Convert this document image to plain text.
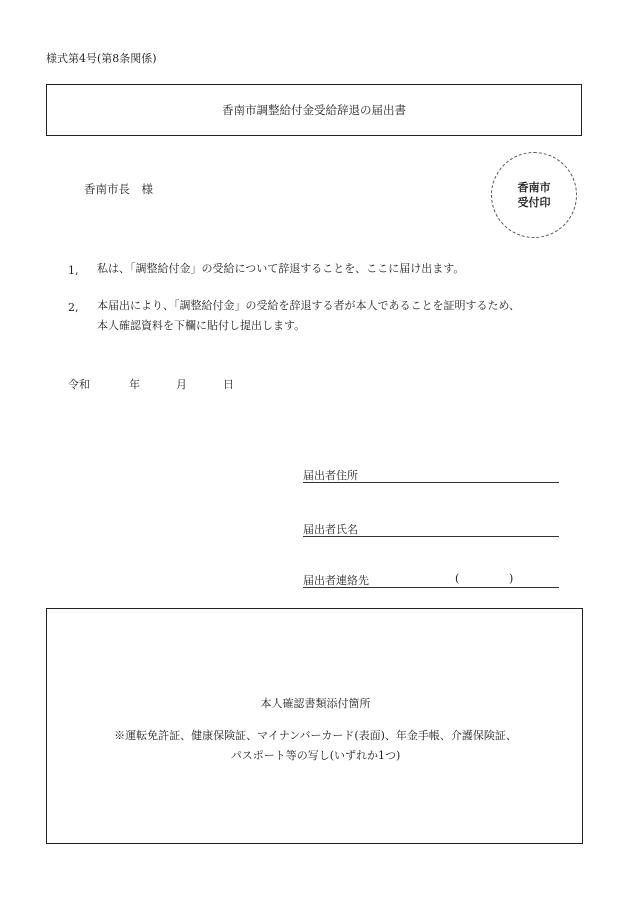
様式第4号(第8条関係)
香南市調整給付金受給辞退の届出書
香南市長　様	香南市
受付印
1, 私は、「調整給付金」の受給について辞退することを、ここに届け出ます。
2, 本届出により、「調整給付金」の受給を辞退する者が本人であることを証明するため、
本人確認資料を下欄に貼付し提出します。
令和	年	月	日
届出者住所
届出者氏名
届出者連絡先	(	)
本人確認書類添付箇所
※運転免許証、健康保険証、マイナンバーカード(表面)、年金手帳、介護保険証、
パスポート等の写し(いずれか1つ)
